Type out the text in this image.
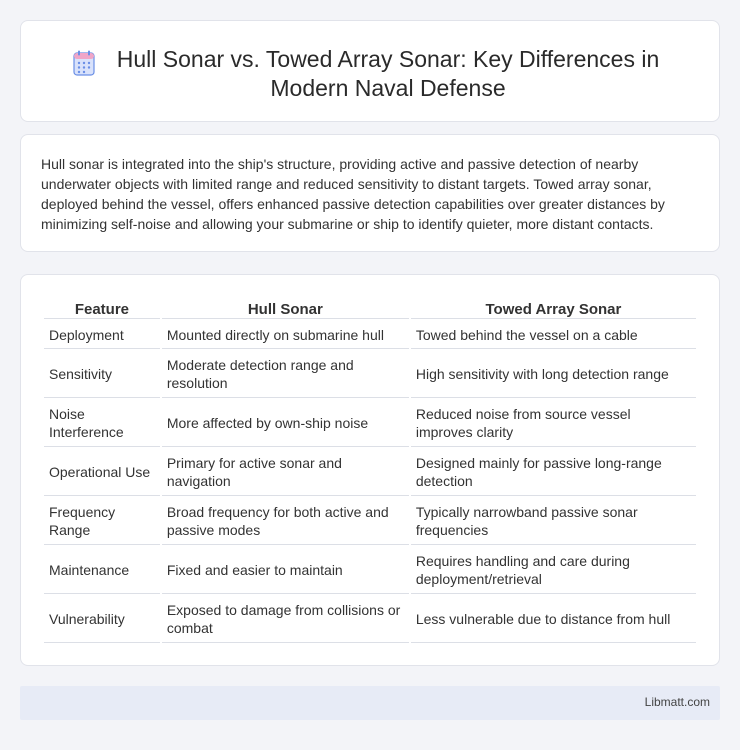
Hull Sonar vs. Towed Array Sonar: Key Differences in Modern Naval Defense

Hull sonar is integrated into the ship's structure, providing active and passive detection of nearby underwater objects with limited range and reduced sensitivity to distant targets. Towed array sonar, deployed behind the vessel, offers enhanced passive detection capabilities over greater distances by minimizing self-noise and allowing your submarine or ship to identify quieter, more distant contacts.

Feature	Hull Sonar	Towed Array Sonar
Deployment	Mounted directly on submarine hull	Towed behind the vessel on a cable
Sensitivity	Moderate detection range and resolution	High sensitivity with long detection range
Noise Interference	More affected by own-ship noise	Reduced noise from source vessel improves clarity
Operational Use	Primary for active sonar and navigation	Designed mainly for passive long-range detection
Frequency Range	Broad frequency for both active and passive modes	Typically narrowband passive sonar frequencies
Maintenance	Fixed and easier to maintain	Requires handling and care during deployment/retrieval
Vulnerability	Exposed to damage from collisions or combat	Less vulnerable due to distance from hull
Libmatt.com
